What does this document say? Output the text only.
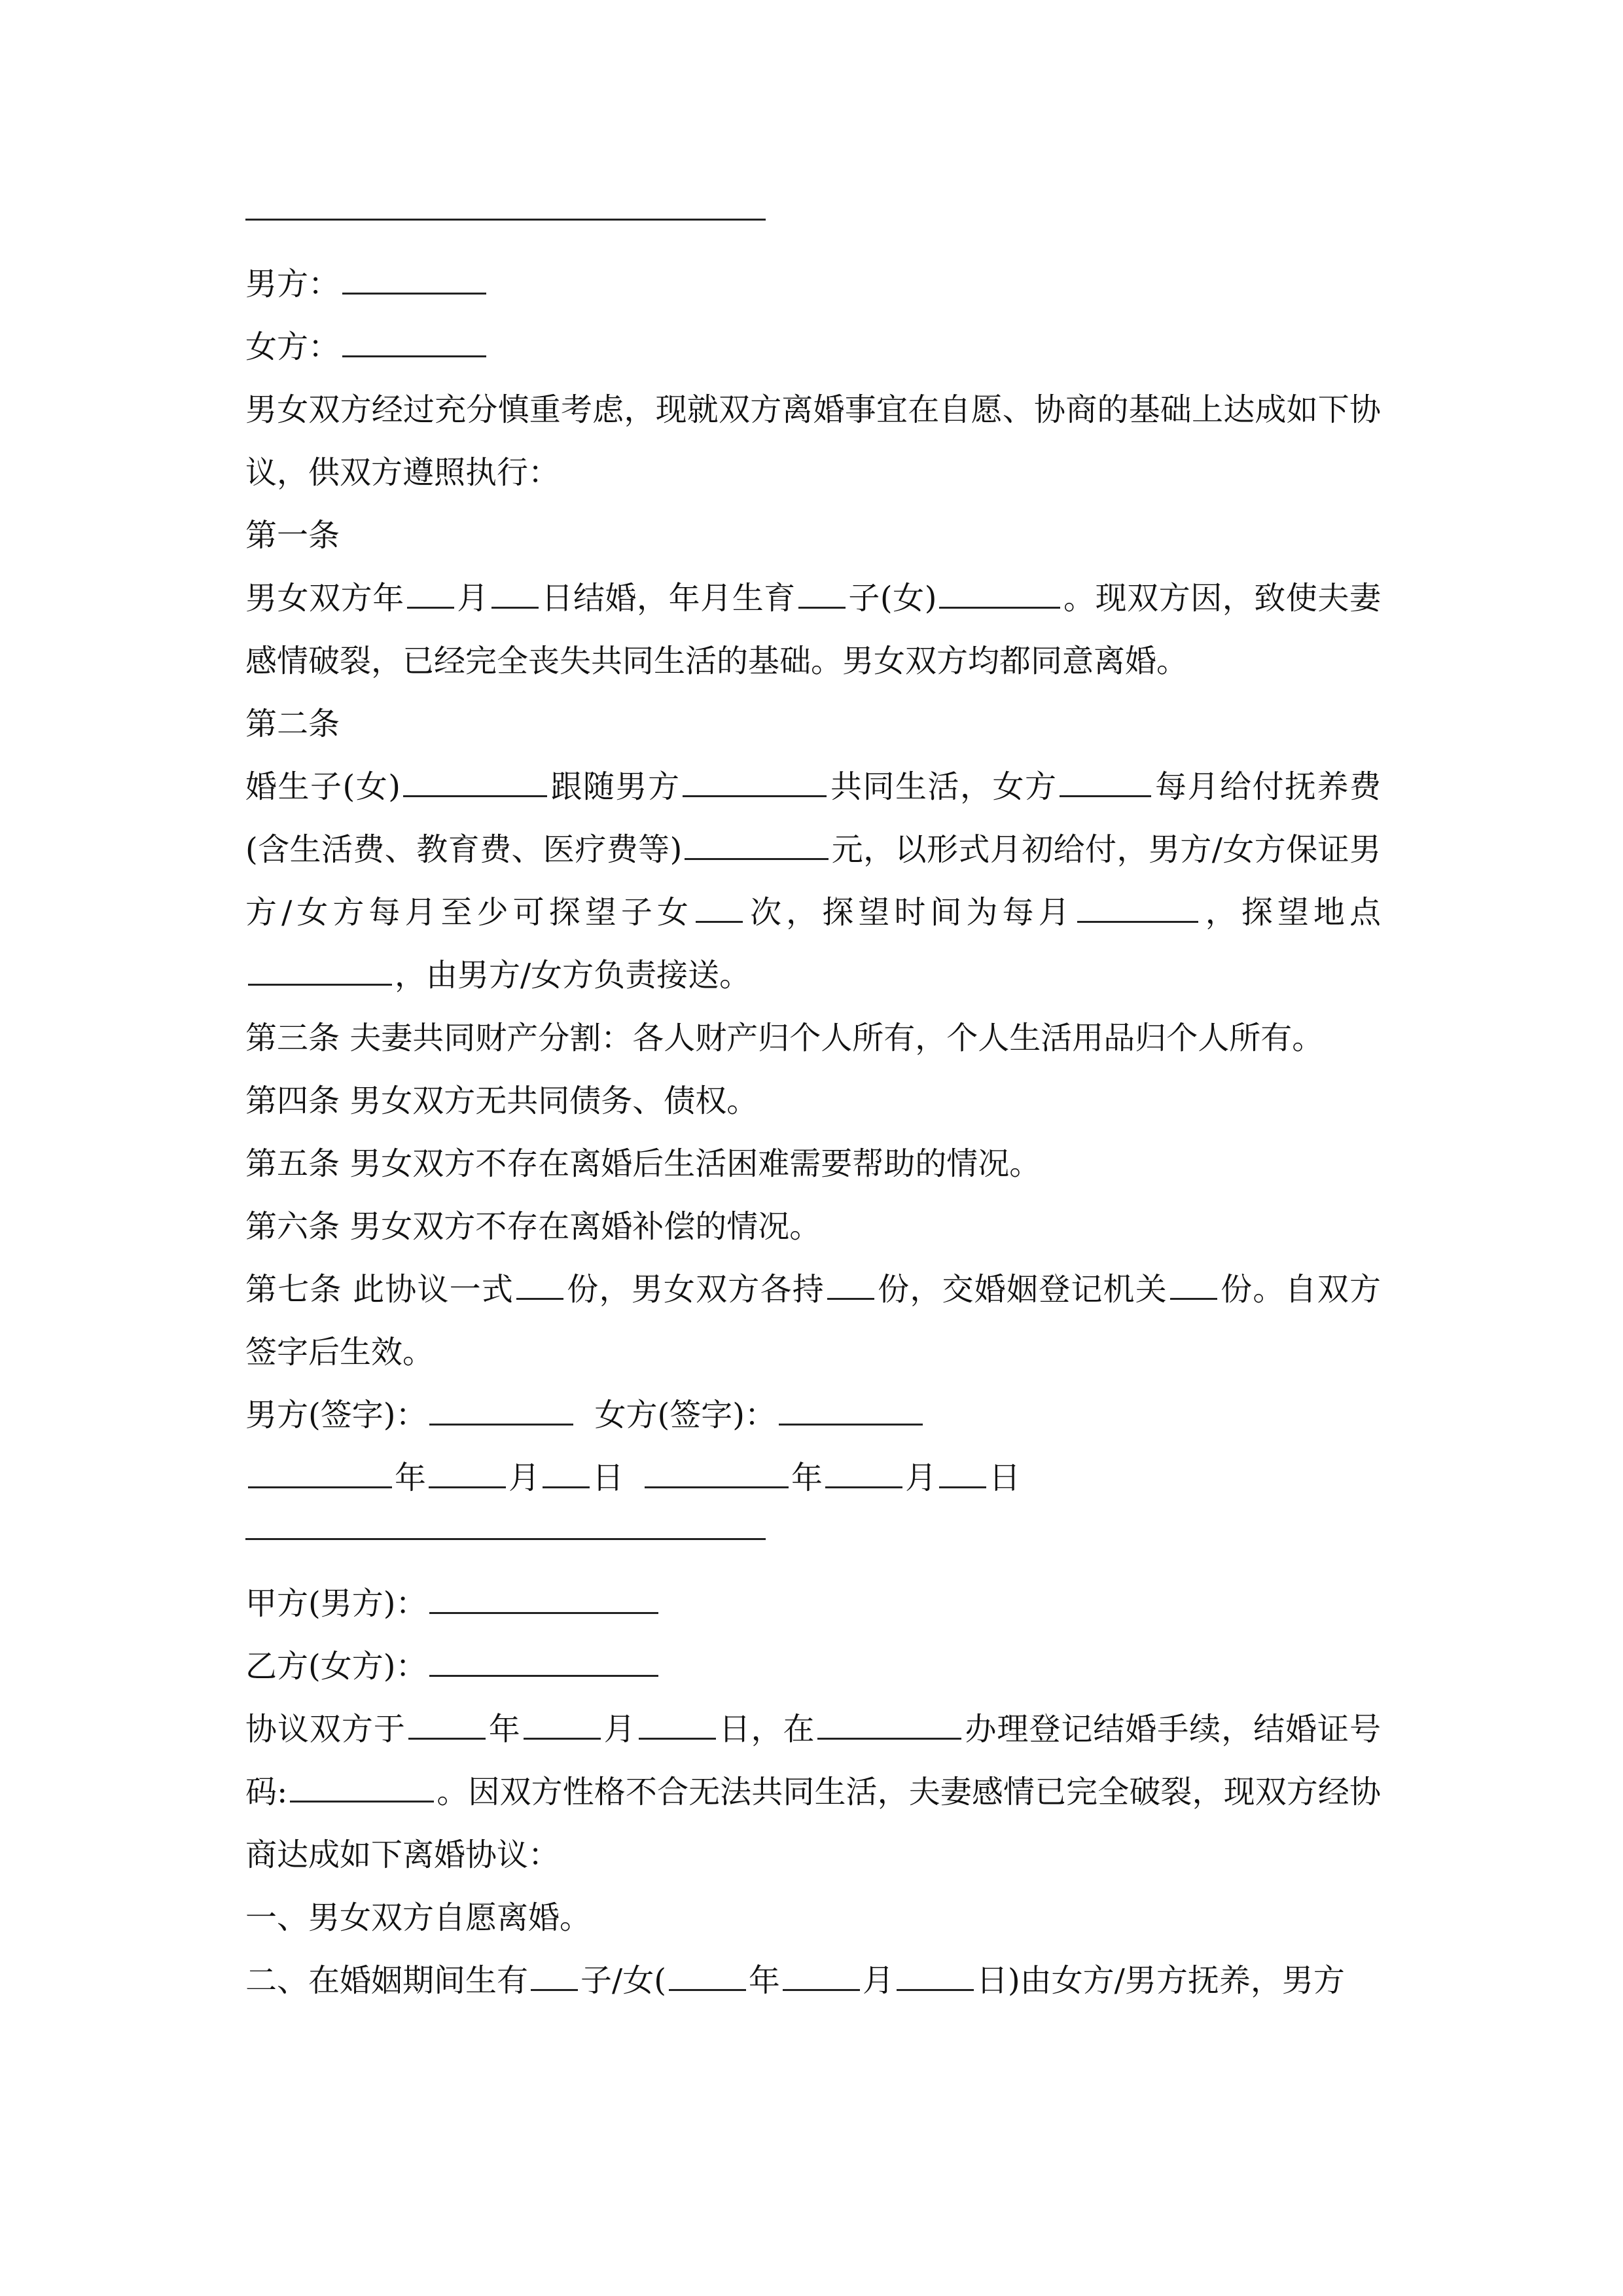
男方：
女方：
男女双方经过充分慎重考虑，现就双方离婚事宜在自愿、协商的基础上达成如下协议，供双方遵照执行：
第一条
男女双方年 月 日结婚，年月生育 子(女)	。现双方因，致使夫妻感情破裂，已经完全丧失共同生活的基础。男女双方均都同意离婚。
第二条
婚生子(女)	跟随男方	共同生活，女方	每月给付抚养费(含生活费、教育费、医疗费等)	元，以形式月初给付，男方/女方保证男方/女方每月至少可探望子女 次，探望时间为每月	，探望地点，由男方/女方负责接送。
第三条 夫妻共同财产分割：各人财产归个人所有，个人生活用品归个人所有。
第四条 男女双方无共同债务、债权。
第五条 男女双方不存在离婚后生活困难需要帮助的情况。
第六条 男女双方不存在离婚补偿的情况。
第七条 此协议一式 份，男女双方各持 份，交婚姻登记机关 份。自双方签字后生效。
男方(签字)：	女方(签字)：
年	月 日	年	月 日
甲方(男方)：
乙方(女方)：
协议双方于	年	月	日，在	办理登记结婚手续，结婚证号码:	。因双方性格不合无法共同生活，夫妻感情已完全破裂，现双方经协商达成如下离婚协议：
一、男女双方自愿离婚。
二、在婚姻期间生有 子/女(	年	月	日)由女方/男方抚养，男方
